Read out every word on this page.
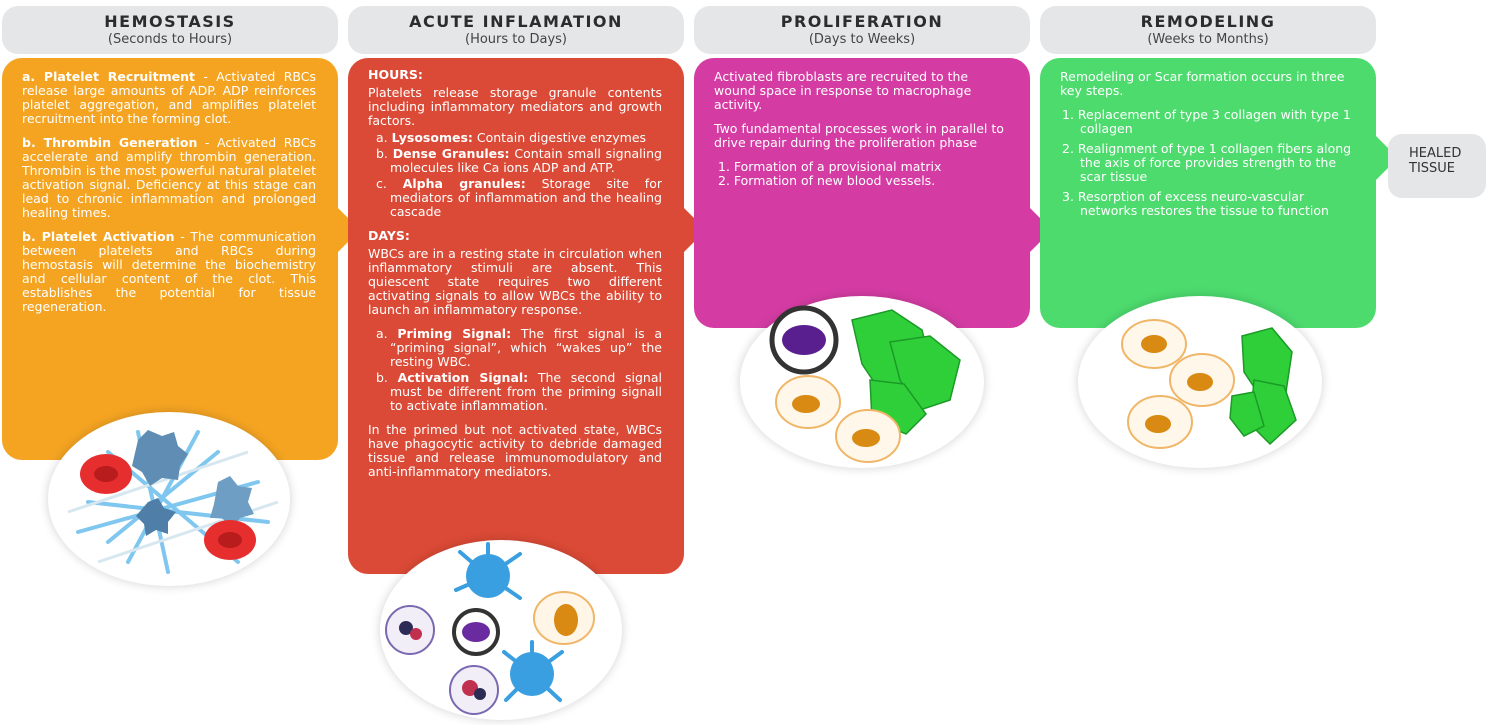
HEMOSTASIS
(Seconds to Hours)
ACUTE INFLAMATION
(Hours to Days)
PROLIFERATION
(Days to Weeks)
REMODELING
(Weeks to Months)

a. Platelet Recruitment - Activated RBCs release large amounts of ADP. ADP reinforces platelet aggregation, and amplifies platelet recruitment into the forming clot.

b. Thrombin Generation - Activated RBCs accelerate and amplify thrombin generation. Thrombin is the most powerful natural platelet activation signal. Deficiency at this stage can lead to chronic inflammation and prolonged healing times.

b. Platelet Activation - The communication between platelets and RBCs during hemostasis will determine the biochemistry and cellular content of the clot. This establishes the potential for tissue regeneration.

HOURS:

Platelets release storage granule contents including inflammatory mediators and growth factors.

a. Lysosomes: Contain digestive enzymes
b. Dense Granules: Contain small signaling molecules like Ca ions ADP and ATP.
c. Alpha granules: Storage site for mediators of inflammation and the healing cascade
DAYS:

WBCs are in a resting state in circulation when inflammatory stimuli are absent. This quiescent state requires two different activating signals to allow WBCs the ability to launch an inflammatory response.

a. Priming Signal: The first signal is a “priming signal”, which “wakes up” the resting WBC.
b. Activation Signal: The second signal must be different from the priming signall to activate inflammation.

In the primed but not activated state, WBCs have phagocytic activity to debride damaged tissue and release immunomodulatory and anti-inflammatory mediators.

Activated fibroblasts are recruited to the wound space in response to macrophage activity.

Two fundamental processes work in parallel to drive repair during the proliferation phase

1. Formation of a provisional matrix
2. Formation of new blood vessels.

Remodeling or Scar formation occurs in three key steps.

1. Replacement of type 3 collagen with type 1 collagen
2. Realignment of type 1 collagen fibers along the axis of force provides strength to the scar tissue
3. Resorption of excess neuro-vascular networks restores the tissue to function
HEALED
TISSUE
